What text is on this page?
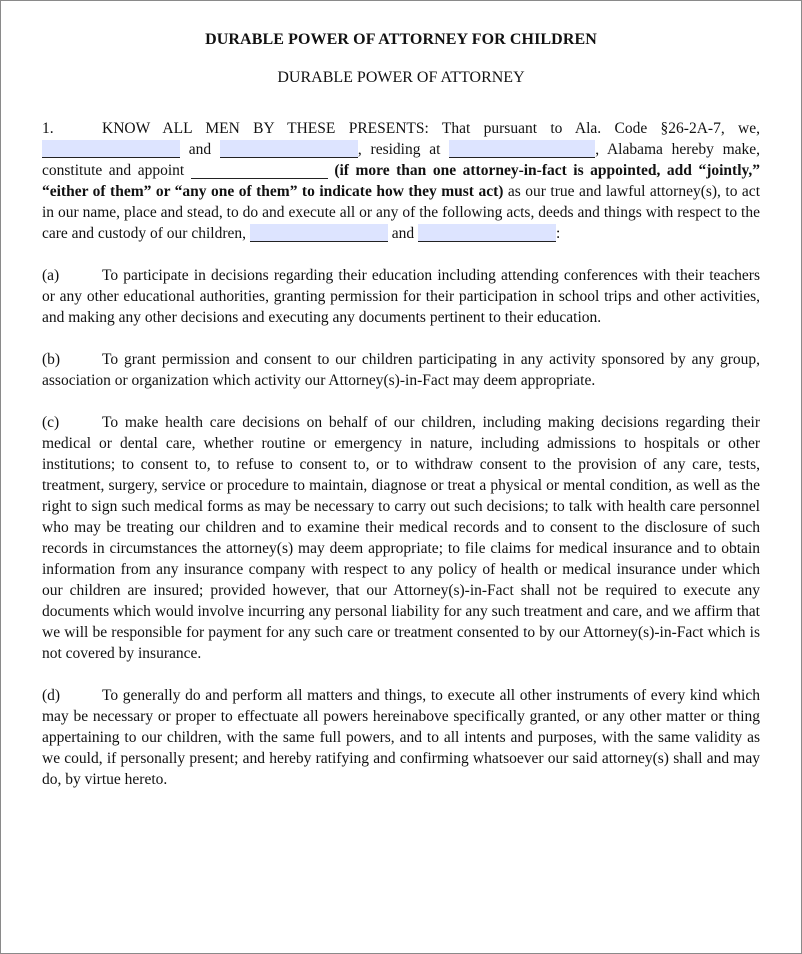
DURABLE POWER OF ATTORNEY FOR CHILDREN
DURABLE POWER OF ATTORNEY

1.	KNOW ALL MEN BY THESE PRESENTS: That pursuant to Ala. Code §26-2A-7, we,  and	, residing at	, Alabama hereby make, constitute and appoint	(if more than one attorney-in-fact is appointed, add “jointly,” “either of them” or “any one of them” to indicate how they must act) as our true and lawful attorney(s), to act in our name, place and stead, to do and execute all or any of the following acts, deeds and things with respect to the care and custody of our children,	and	:

(a)	To participate in decisions regarding their education including attending conferences with their teachers or any other educational authorities, granting permission for their participation in school trips and other activities, and making any other decisions and executing any documents pertinent to their education.

(b)	To grant permission and consent to our children participating in any activity sponsored by any group, association or organization which activity our Attorney(s)-in-Fact may deem appropriate.

(c)	To make health care decisions on behalf of our children, including making decisions regarding their medical or dental care, whether routine or emergency in nature, including admissions to hospitals or other institutions; to consent to, to refuse to consent to, or to withdraw consent to the provision of any care, tests, treatment, surgery, service or procedure to maintain, diagnose or treat a physical or mental condition, as well as the right to sign such medical forms as may be necessary to carry out such decisions; to talk with health care personnel who may be treating our children and to examine their medical records and to consent to the disclosure of such records in circumstances the attorney(s) may deem appropriate; to file claims for medical insurance and to obtain information from any insurance company with respect to any policy of health or medical insurance under which our children are insured; provided however, that our Attorney(s)-in-Fact shall not be required to execute any documents which would involve incurring any personal liability for any such treatment and care, and we affirm that we will be responsible for payment for any such care or treatment consented to by our Attorney(s)-in-Fact which is not covered by insurance.

(d)	To generally do and perform all matters and things, to execute all other instruments of every kind which may be necessary or proper to effectuate all powers hereinabove specifically granted, or any other matter or thing appertaining to our children, with the same full powers, and to all intents and purposes, with the same validity as we could, if personally present; and hereby ratifying and confirming whatsoever our said attorney(s) shall and may do, by virtue hereto.
